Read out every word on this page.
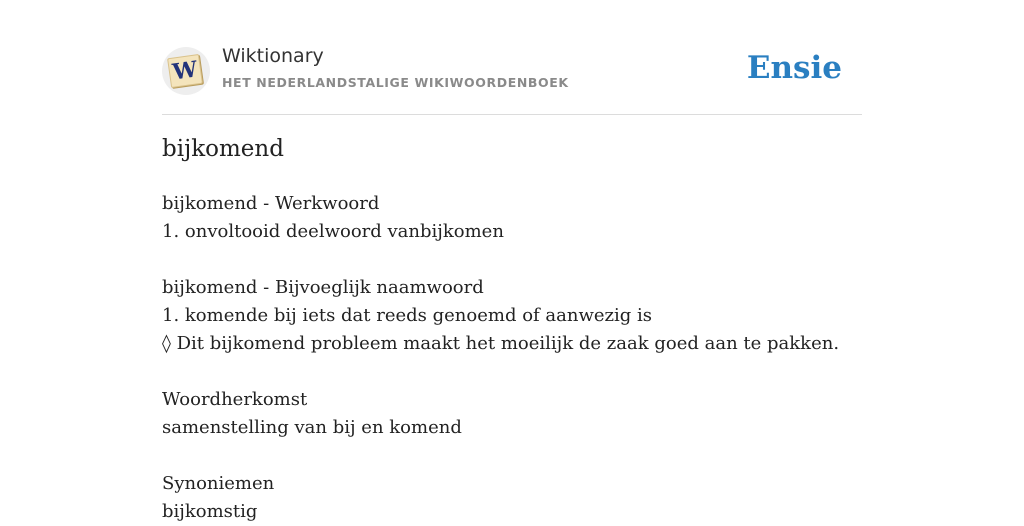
W
Wiktionary
HET NEDERLANDSTALIGE WIKIWOORDENBOEK	Ensie
bijkomend
bijkomend - Werkwoord
1. onvoltooid deelwoord vanbijkomen
bijkomend - Bijvoeglijk naamwoord
1. komende bij iets dat reeds genoemd of aanwezig is
◊ Dit bijkomend probleem maakt het moeilijk de zaak goed aan te pakken.
Woordherkomst
samenstelling van bij en komend
Synoniemen
bijkomstig
